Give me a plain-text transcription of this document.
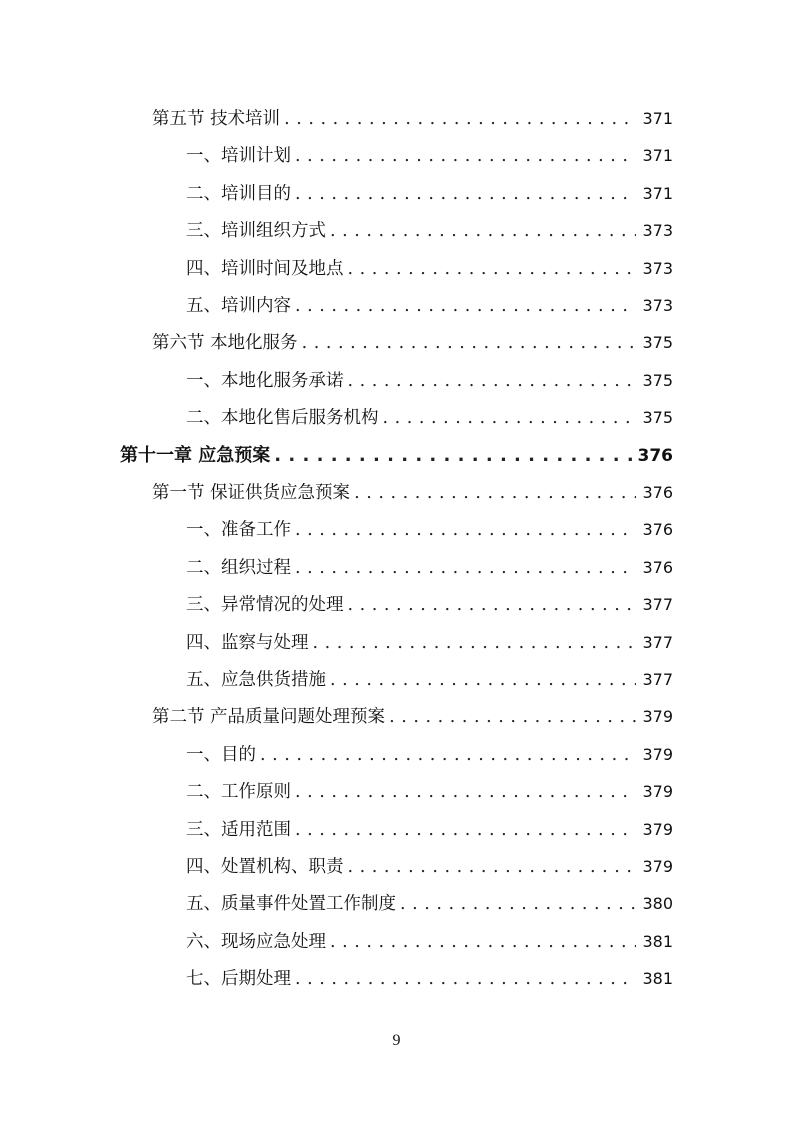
第五节 技术培训 . . .	371
一、培训计划 . . .	371
二、培训目的 . . .	371
三、培训组织方式 . . .	373
四、培训时间及地点 . . .	373
五、培训内容 . . .	373
第六节 本地化服务 . . .	375
一、本地化服务承诺 . . .	375
二、本地化售后服务机构 . . .	375
第十一章 应急预案 . . .	376
第一节 保证供货应急预案 . . .	376
一、准备工作 . . .	376
二、组织过程 . . .	376
三、异常情况的处理 . . .	377
四、监察与处理 . . .	377
五、应急供货措施 . . .	377
第二节 产品质量问题处理预案 . . .	379
一、目的 . . .	379
二、工作原则 . . .	379
三、适用范围 . . .	379
四、处置机构、职责 . . .	379
五、质量事件处置工作制度 . . .	380
六、现场应急处理 . . .	381
七、后期处理 . . .	381
9
